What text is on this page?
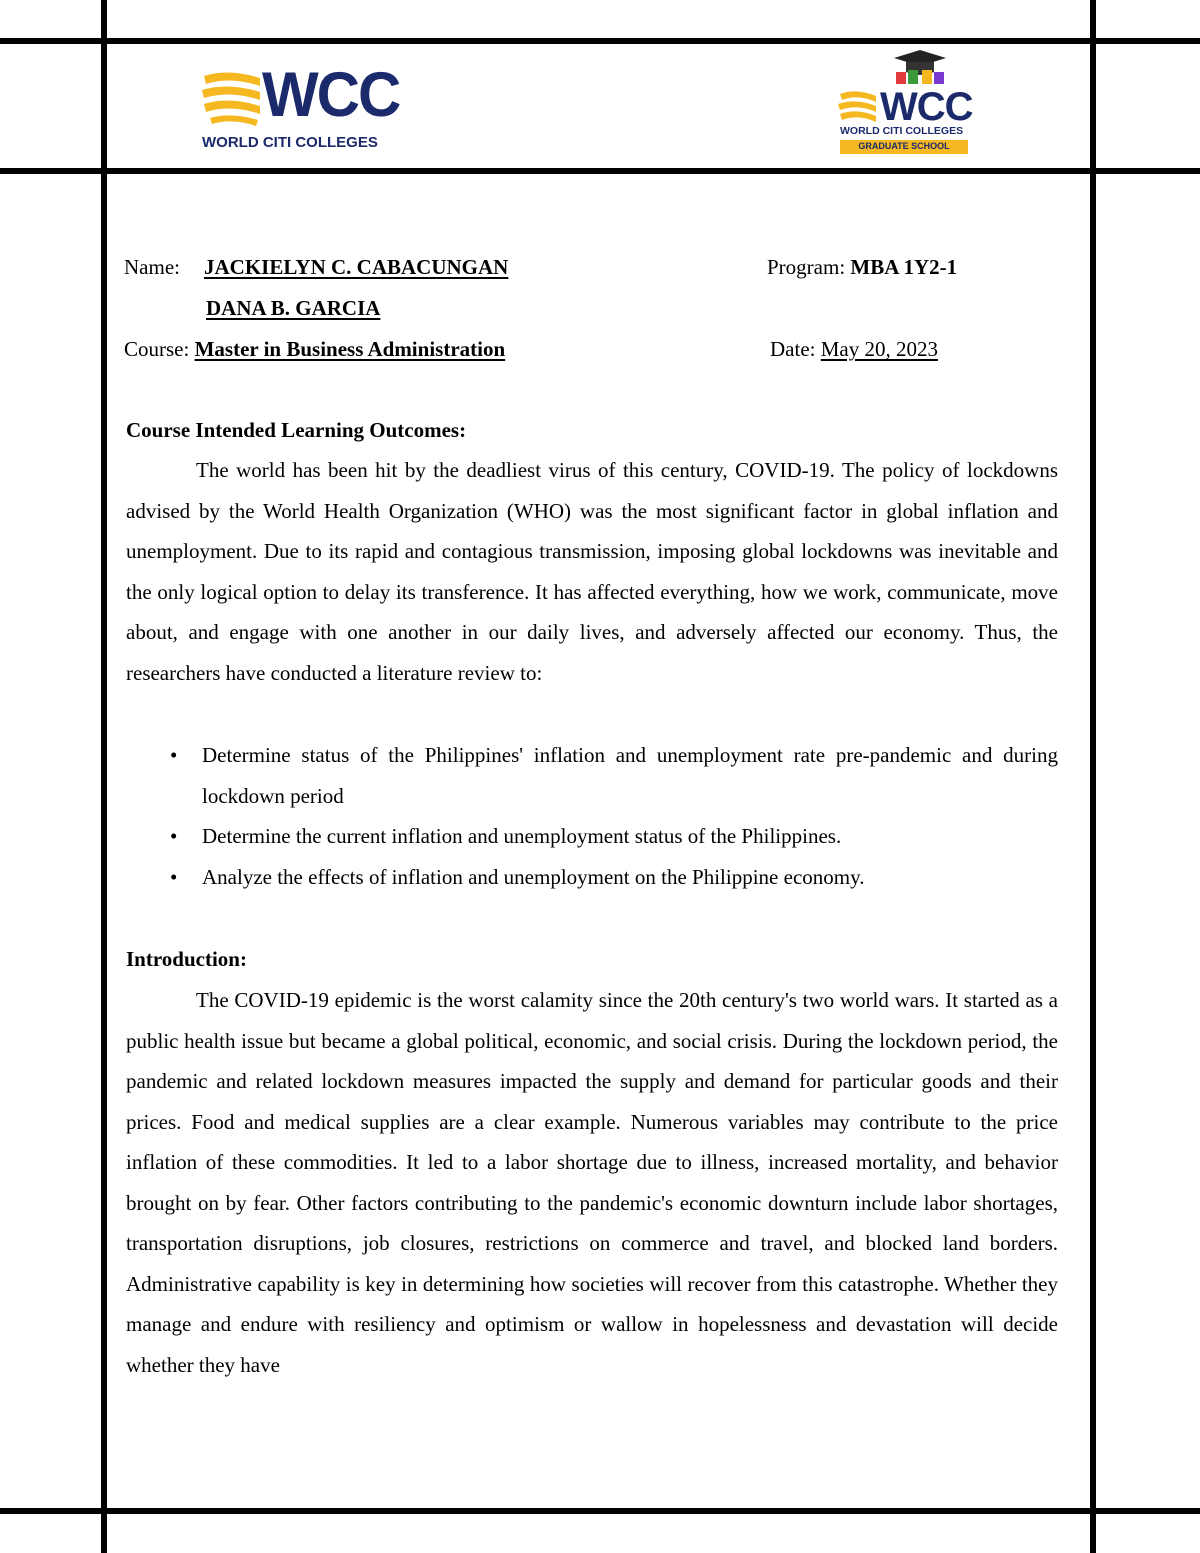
WCC
WORLD CITI COLLEGES
WCC
WORLD CITI COLLEGES
GRADUATE SCHOOL
Name: JACKIELYN C. CABACUNGAN	Program: MBA 1Y2-1
DANA B. GARCIA
Course: Master in Business Administration	Date: May 20, 2023
Course Intended Learning Outcomes:

The world has been hit by the deadliest virus of this century, COVID-19. The policy of lockdowns advised by the World Health Organization (WHO) was the most significant factor in global inflation and unemployment. Due to its rapid and contagious transmission, imposing global lockdowns was inevitable and the only logical option to delay its transference. It has affected everything, how we work, communicate, move about, and engage with one another in our daily lives, and adversely affected our economy. Thus, the researchers have conducted a literature review to:

• Determine status of the Philippines' inflation and unemployment rate pre-pandemic and during lockdown period
• Determine the current inflation and unemployment status of the Philippines.
• Analyze the effects of inflation and unemployment on the Philippine economy.
Introduction:

The COVID-19 epidemic is the worst calamity since the 20th century's two world wars. It started as a public health issue but became a global political, economic, and social crisis. During the lockdown period, the pandemic and related lockdown measures impacted the supply and demand for particular goods and their prices. Food and medical supplies are a clear example. Numerous variables may contribute to the price inflation of these commodities. It led to a labor shortage due to illness, increased mortality, and behavior brought on by fear. Other factors contributing to the pandemic's economic downturn include labor shortages, transportation disruptions, job closures, restrictions on commerce and travel, and blocked land borders. Administrative capability is key in determining how societies will recover from this catastrophe. Whether they manage and endure with resiliency and optimism or wallow in hopelessness and devastation will decide whether they have
